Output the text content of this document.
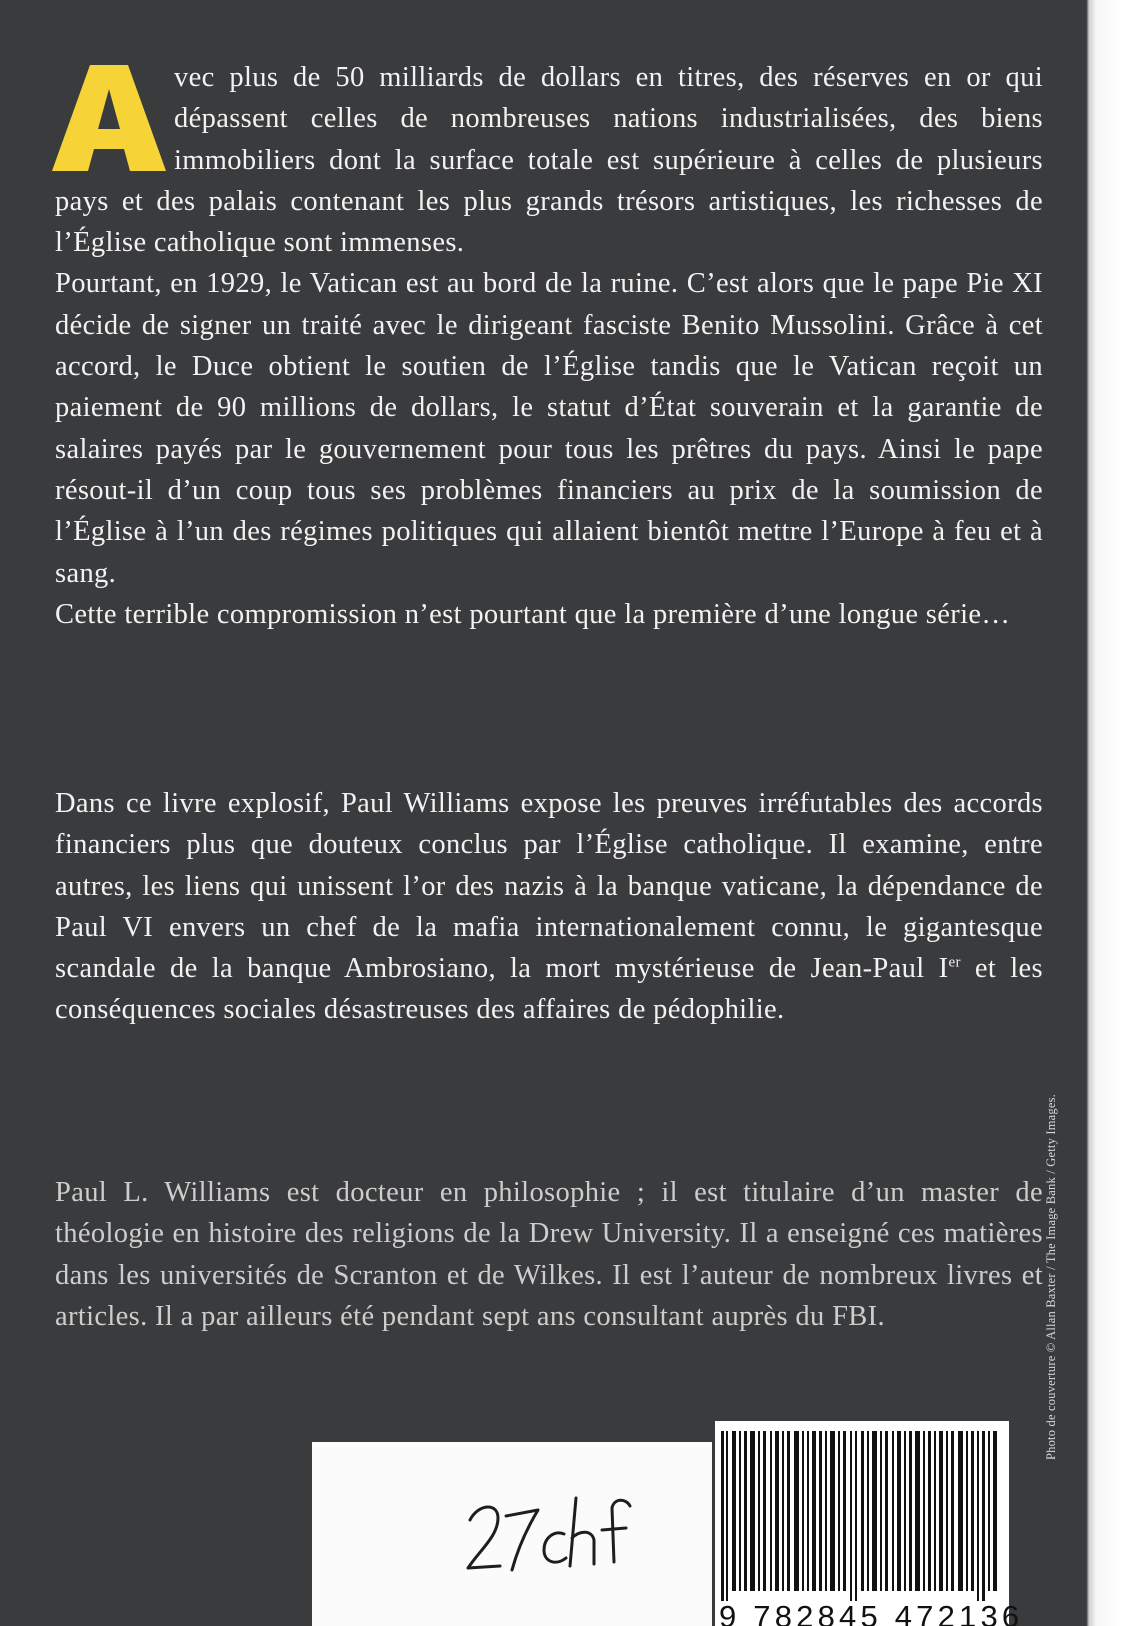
vec plus de 50 milliards de dollars en titres, des réserves en or qui dépassent celles de nombreuses nations industrialisées, des biens immobiliers dont la surface totale est supérieure à celles de plusieurs pays et des palais contenant les plus grands trésors artistiques, les richesses de l’Église catholique sont immenses.

Pourtant, en 1929, le Vatican est au bord de la ruine. C’est alors que le pape Pie XI décide de signer un traité avec le dirigeant fasciste Benito Mussolini. Grâce à cet accord, le Duce obtient le soutien de l’Église tandis que le Vatican reçoit un paiement de 90 millions de dollars, le statut d’État souverain et la garantie de salaires payés par le gouvernement pour tous les prêtres du pays. Ainsi le pape résout-il d’un coup tous ses problèmes financiers au prix de la soumission de l’Église à l’un des régimes politiques qui allaient bientôt mettre l’Europe à feu et à sang.

Cette terrible compromission n’est pourtant que la première d’une longue série…

Dans ce livre explosif, Paul Williams expose les preuves irréfutables des accords financiers plus que douteux conclus par l’Église catholique. Il examine, entre autres, les liens qui unissent l’or des nazis à la banque vaticane, la dépendance de Paul VI envers un chef de la mafia internationalement connu, le gigantesque scandale de la banque Ambrosiano, la mort mystérieuse de Jean-Paul Ier et les conséquences sociales désastreuses des affaires de pédophilie.

Paul L. Williams est docteur en philosophie ; il est titulaire d’un master de théologie en histoire des religions de la Drew University. Il a enseigné ces matières dans les universités de Scranton et de Wilkes. Il est l’auteur de nombreux livres et articles. Il a par ailleurs été pendant sept ans consultant auprès du FBI.	Photo de couverture © Allan Baxter / The Image Bank / Getty Images.
9 782845 472136
